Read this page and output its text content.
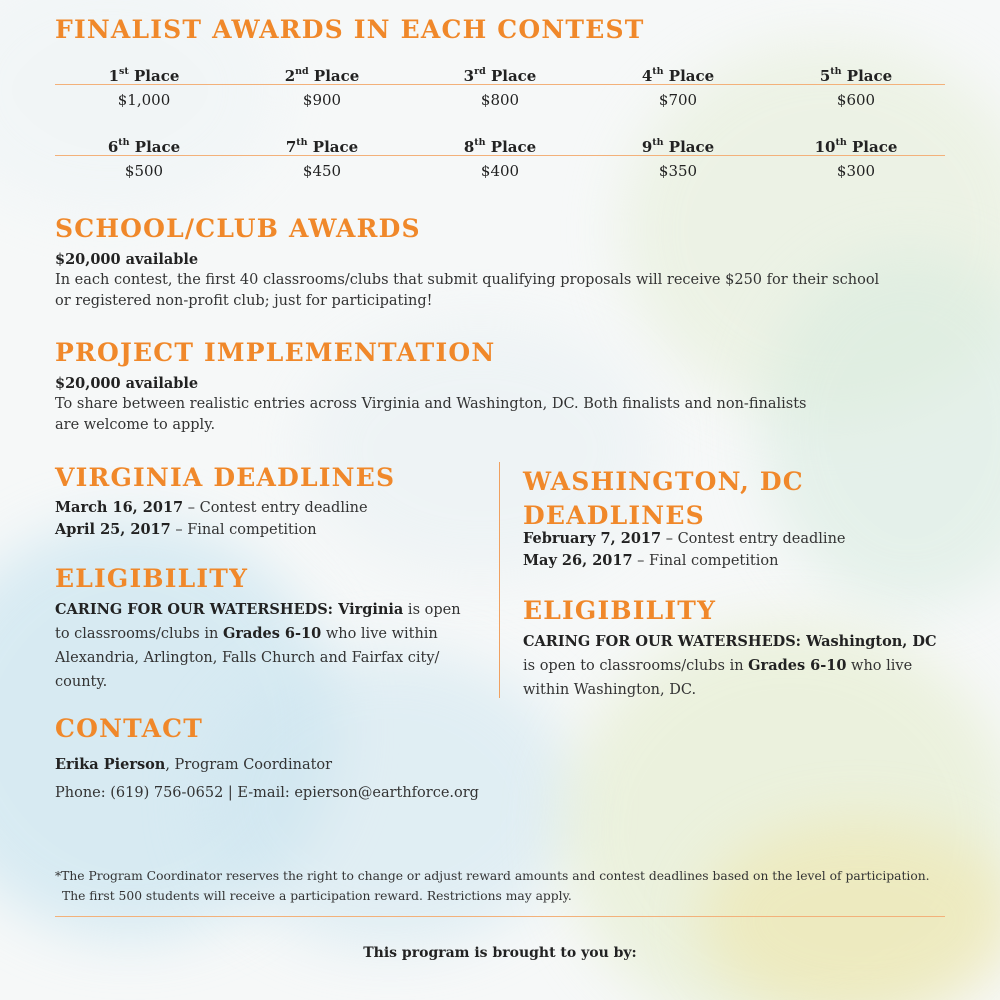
FINALIST AWARDS IN EACH CONTEST
1st Place	2nd Place	3rd Place	4th Place	5th Place
$1,000	$900	$800	$700	$600
6th Place	7th Place	8th Place	9th Place	10th Place
$500	$450	$400	$350	$300
SCHOOL/CLUB AWARDS
$20,000 available
In each contest, the first 40 classrooms/clubs that submit qualifying proposals will receive $250 for their school
or registered non-profit club; just for participating!
PROJECT IMPLEMENTATION
$20,000 available
To share between realistic entries across Virginia and Washington, DC. Both finalists and non-finalists
are welcome to apply.
VIRGINIA DEADLINES
March 16, 2017 – Contest entry deadline
April 25, 2017 – Final competition
ELIGIBILITY
CARING FOR OUR WATERSHEDS: Virginia is open
to classrooms/clubs in Grades 6-10 who live within
Alexandria, Arlington, Falls Church and Fairfax city/
county.
WASHINGTON, DC
DEADLINES
February 7, 2017 – Contest entry deadline
May 26, 2017 – Final competition
ELIGIBILITY
CARING FOR OUR WATERSHEDS: Washington, DC
is open to classrooms/clubs in Grades 6-10 who live
within Washington, DC.
CONTACT
Erika Pierson, Program Coordinator
Phone: (619) 756-0652 | E-mail: epierson@earthforce.org
*The Program Coordinator reserves the right to change or adjust reward amounts and contest deadlines based on the level of participation.
The first 500 students will receive a participation reward. Restrictions may apply.
This program is brought to you by:
